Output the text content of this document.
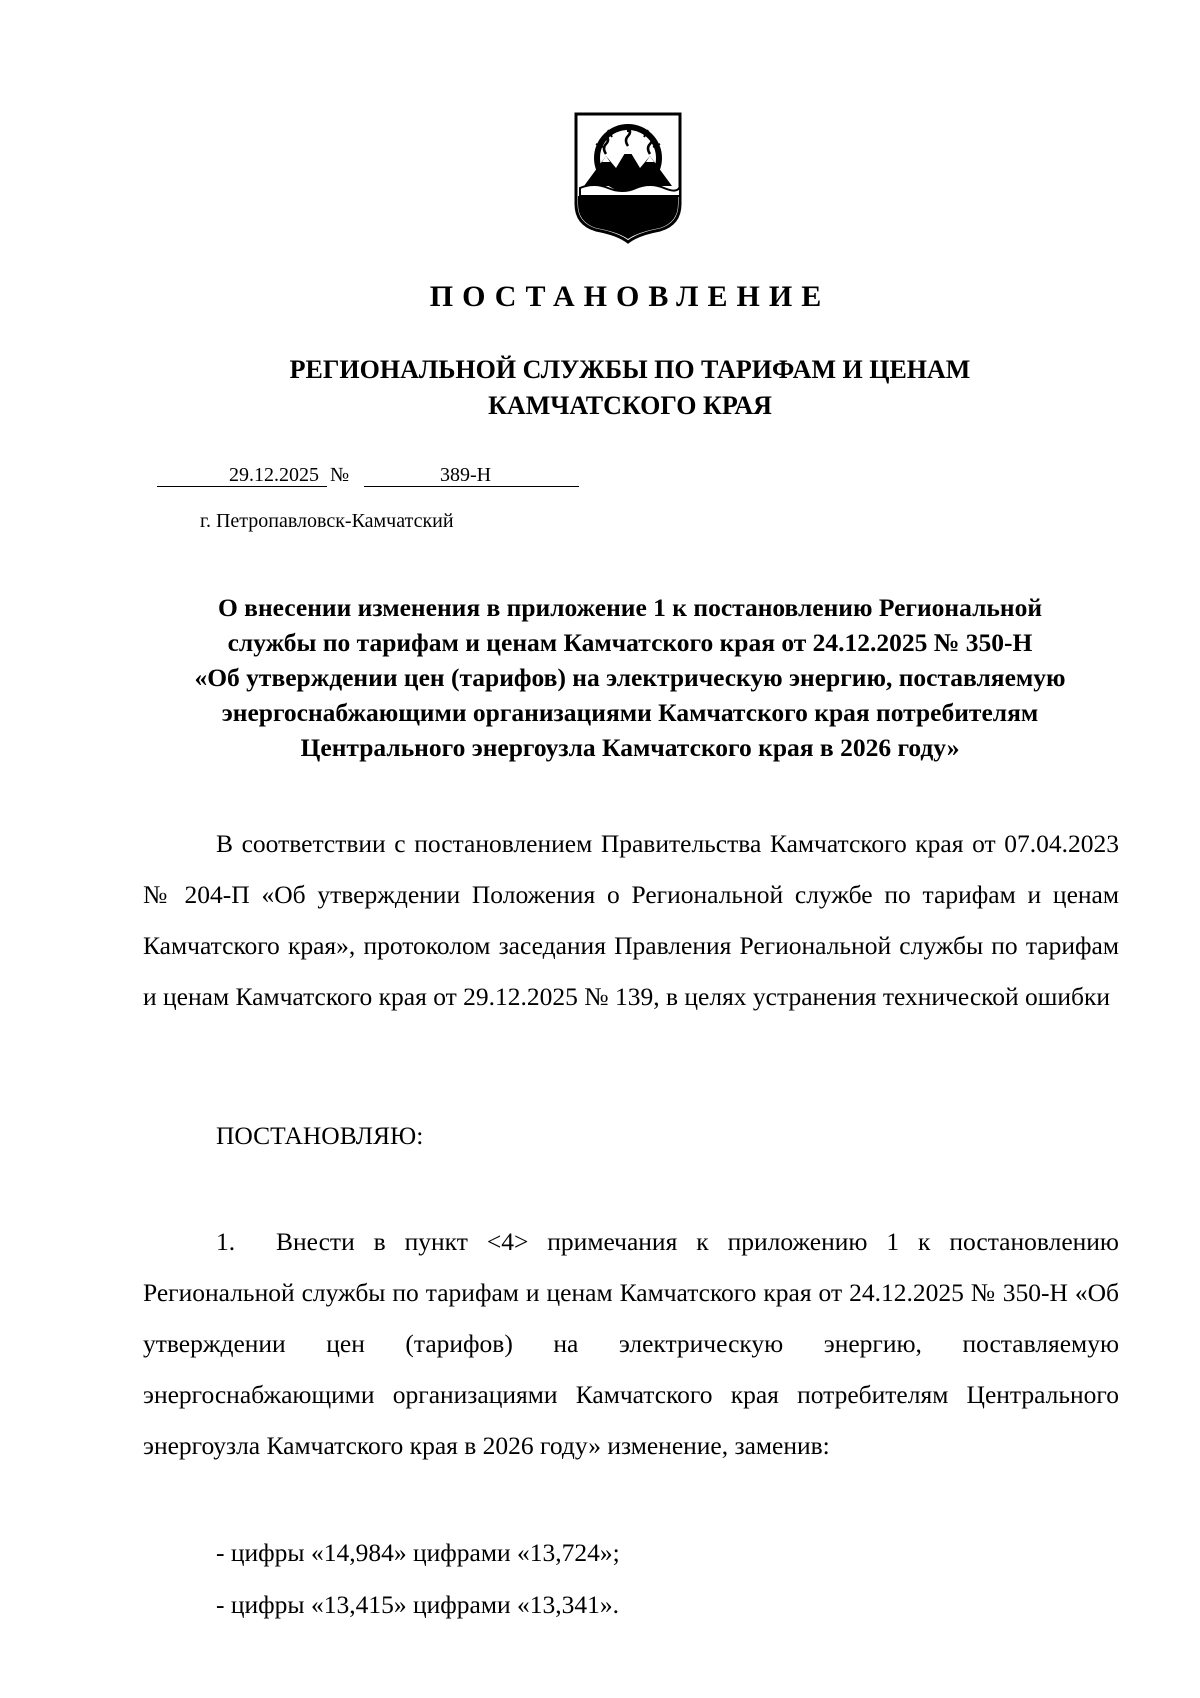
ПОСТАНОВЛЕНИЕ
РЕГИОНАЛЬНОЙ СЛУЖБЫ ПО ТАРИФАМ И ЦЕНАМ
КАМЧАТСКОГО КРАЯ
29.12.2025 №	389-Н
г. Петропавловск-Камчатский
О внесении изменения в приложение 1 к постановлению Региональной
службы по тарифам и ценам Камчатского края от 24.12.2025 № 350-Н
«Об утверждении цен (тарифов) на электрическую энергию, поставляемую
энергоснабжающими организациями Камчатского края потребителям
Центрального энергоузла Камчатского края в 2026 году»

В соответствии с постановлением Правительства Камчатского края от 07.04.2023 № 204-П «Об утверждении Положения о Региональной службе по тарифам и ценам Камчатского края», протоколом заседания Правления Региональной службы по тарифам и ценам Камчатского края от 29.12.2025 № 139, в целях устранения технической ошибки

ПОСТАНОВЛЯЮ:

1. Внести в пункт <4> примечания к приложению 1 к постановлению Региональной службы по тарифам и ценам Камчатского края от 24.12.2025 № 350-Н «Об утверждении цен (тарифов) на электрическую энергию, поставляемую энергоснабжающими организациями Камчатского края потребителям Центрального энергоузла Камчатского края в 2026 году» изменение, заменив:

- цифры «14,984» цифрами «13,724»;
- цифры «13,415» цифрами «13,341».
